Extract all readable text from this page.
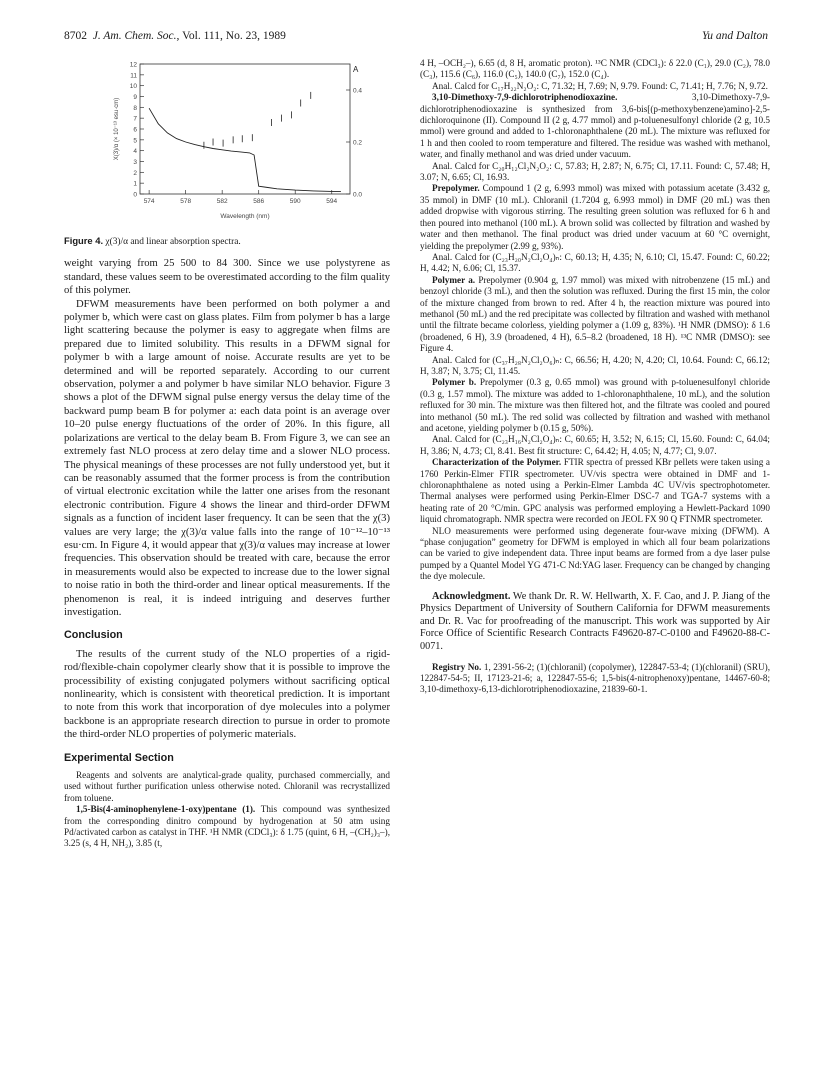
8702 J. Am. Chem. Soc., Vol. 111, No. 23, 1989	Yu and Dalton
0
1
2
3
4
5
6
7
8
9
10
11
12
0.0
0.2
0.4
574	578	582	586	590	594
Wavelength (nm)
A
X(3)/α (× 10⁻¹³ esu·cm)
Figure 4. χ(3)/α and linear absorption spectra.

weight varying from 25 500 to 84 300. Since we use polystyrene as standard, these values seem to be overestimated according to the film quality of this polymer.

DFWM measurements have been performed on both polymer a and polymer b, which were cast on glass plates. Film from polymer b has a large light scattering because the polymer is easy to aggregate when films are prepared due to limited solubility. This results in a DFWM signal for polymer b with a large amount of noise. Accurate results are yet to be determined and will be reported separately. According to our current observation, polymer a and polymer b have similar NLO behavior. Figure 3 shows a plot of the DFWM signal pulse energy versus the delay time of the backward pump beam B for polymer a: each data point is an average over 10–20 pulse energy fluctuations of the order of 20%. In this figure, all polarizations are vertical to the delay beam B. From Figure 3, we can see an extremely fast NLO process at zero delay time and a slower NLO process. The physical meanings of these processes are not fully understood yet, but it can be reasonably assumed that the former process is from the contribution of virtual electronic excitation while the latter one arises from the resonant electronic contribution. Figure 4 shows the linear and third-order DFWM signals as a function of incident laser frequency. It can be seen that the χ(3) values are very large; the χ(3)/α value falls into the range of 10⁻¹²–10⁻¹³ esu·cm. In Figure 4, it would appear that χ(3)/α values may increase at lower frequencies. This observation should be treated with care, because the error in measurements would also be expected to increase due to the lower signal to noise ratio in both the third-order and linear optical measurements. If the phenomenon is real, it is indeed intriguing and deserves further investigation.

Conclusion

The results of the current study of the NLO properties of a rigid-rod/flexible-chain copolymer clearly show that it is possible to improve the processibility of existing conjugated polymers without sacrificing optical nonlinearity, which is consistent with theoretical prediction. It is important to note from this work that incorporation of dye molecules into a polymer backbone is an appropriate research direction to pursue in order to promote the third-order NLO properties of polymeric materials.

Experimental Section

Reagents and solvents are analytical-grade quality, purchased commercially, and used without further purification unless otherwise noted. Chloranil was recrystallized from toluene.

1,5-Bis(4-aminophenylene-1-oxy)pentane (1). This compound was synthesized from the corresponding dinitro compound by hydrogenation at 50 atm using Pd/activated carbon as catalyst in THF. ¹H NMR (CDCl₃): δ 1.75 (quint, 6 H, –(CH₂)₃–), 3.25 (s, 4 H, NH₂), 3.85 (t,

4 H, –OCH₂–), 6.65 (d, 8 H, aromatic proton). ¹³C NMR (CDCl₃): δ 22.0 (C₁), 29.0 (C₂), 78.0 (C₃), 115.6 (C₆), 116.0 (C₅), 140.0 (C₇), 152.0 (C₄).

Anal. Calcd for C₁₇H₂₂N₂O₂: C, 71.32; H, 7.69; N, 9.79. Found: C, 71.41; H, 7.76; N, 9.72.

3,10-Dimethoxy-7,9-dichlorotriphenodioxazine.	3,10-Dimethoxy-7,9-dichlorotriphenodioxazine is synthesized from 3,6-bis[(p-methoxybenzene)amino]-2,5-dichloroquinone (II). Compound II (2 g, 4.77 mmol) and p-toluenesulfonyl chloride (2 g, 10.5 mmol) were ground and added to 1-chloronaphthalene (20 mL). The mixture was refluxed for 1 h and then cooled to room temperature and filtered. The residue was washed with methanol, water, and finally methanol and was dried under vacuum.

Anal. Calcd for C₂₀H₁₂Cl₂N₂O₂: C, 57.83; H, 2.87; N, 6.75; Cl, 17.11. Found: C, 57.48; H, 3.07; N, 6.65; Cl, 16.93.

Prepolymer. Compound 1 (2 g, 6.993 mmol) was mixed with potassium acetate (3.432 g, 35 mmol) in DMF (10 mL). Chloranil (1.7204 g, 6.993 mmol) in DMF (20 mL) was then added dropwise with vigorous stirring. The resulting green solution was refluxed for 6 h and then poured into methanol (100 mL). A brown solid was collected by filtration and washed by water and then methanol. The final product was dried under vacuum at 60 °C overnight, yielding the prepolymer (2.99 g, 93%).

Anal. Calcd for (C₂₃H₂₀N₂Cl₂O₄)ₙ: C, 60.13; H, 4.35; N, 6.10; Cl, 15.47. Found: C, 60.22; H, 4.42; N, 6.06; Cl, 15.37.

Polymer a. Prepolymer (0.904 g, 1.97 mmol) was mixed with nitrobenzene (15 mL) and benzoyl chloride (3 mL), and then the solution was refluxed. During the first 15 min, the color of the mixture changed from brown to red. After 4 h, the reaction mixture was poured into methanol (50 mL) and the red precipitate was collected by filtration and washed with methanol until the filtrate became colorless, yielding polymer a (1.09 g, 83%). ¹H NMR (DMSO): δ 1.6 (broadened, 6 H), 3.9 (broadened, 4 H), 6.5–8.2 (broadened, 18 H). ¹³C NMR (DMSO): see Figure 4.

Anal. Calcd for (C₃₇H₂₈N₂Cl₂O₆)ₙ: C, 66.56; H, 4.20; N, 4.20; Cl, 10.64. Found: C, 66.12; H, 3.87; N, 3.75; Cl, 11.45.

Polymer b. Prepolymer (0.3 g, 0.65 mmol) was ground with p-toluenesulfonyl chloride (0.3 g, 1.57 mmol). The mixture was added to 1-chloronaphthalene, 10 mL), and the solution refluxed for 30 min. The mixture was then filtered hot, and the filtrate was cooled and poured into methanol (50 mL). The red solid was collected by filtration and washed with methanol and acetone, yielding polymer b (0.15 g, 50%).

Anal. Calcd for (C₂₃H₁₆N₂Cl₂O₄)ₙ: C, 60.65; H, 3.52; N, 6.15; Cl, 15.60. Found: C, 64.04; H, 3.86; N, 4.73; Cl, 8.41. Best fit structure: C, 64.42; H, 4.05; N, 4.77; Cl, 9.07.

Characterization of the Polymer. FTIR spectra of pressed KBr pellets were taken using a 1760 Perkin-Elmer FTIR spectrometer. UV/vis spectra were obtained in DMF and 1-chloronaphthalene as noted using a Perkin-Elmer Lambda 4C UV/vis spectrophotometer. Thermal analyses were performed using Perkin-Elmer DSC-7 and TGA-7 systems with a heating rate of 20 °C/min. GPC analysis was performed employing a Hewlett-Packard 1090 liquid chromatograph. NMR spectra were recorded on JEOL FX 90 Q FTNMR spectrometer.

NLO measurements were performed using degenerate four-wave mixing (DFWM). A “phase conjugation” geometry for DFWM is employed in which all four beam polarizations can be varied to give independent data. Three input beams are formed from a dye laser pulse pumped by a Quantel Model YG 471-C Nd:YAG laser. Frequency can be changed by changing the dye molecule.

Acknowledgment. We thank Dr. R. W. Hellwarth, X. F. Cao, and J. P. Jiang of the Physics Department of University of Southern California for DFWM measurements and Dr. R. Vac for proofreading of the manuscript. This work was supported by Air Force Office of Scientific Research Contracts F49620-87-C-0100 and F49620-88-C-0071.

Registry No. 1, 2391-56-2; (1)(chloranil) (copolymer), 122847-53-4; (1)(chloranil) (SRU), 122847-54-5; II, 17123-21-6; a, 122847-55-6; 1,5-bis(4-nitrophenoxy)pentane, 14467-60-8; 3,10-dimethoxy-6,13-dichlorotriphenodioxazine, 21839-60-1.
